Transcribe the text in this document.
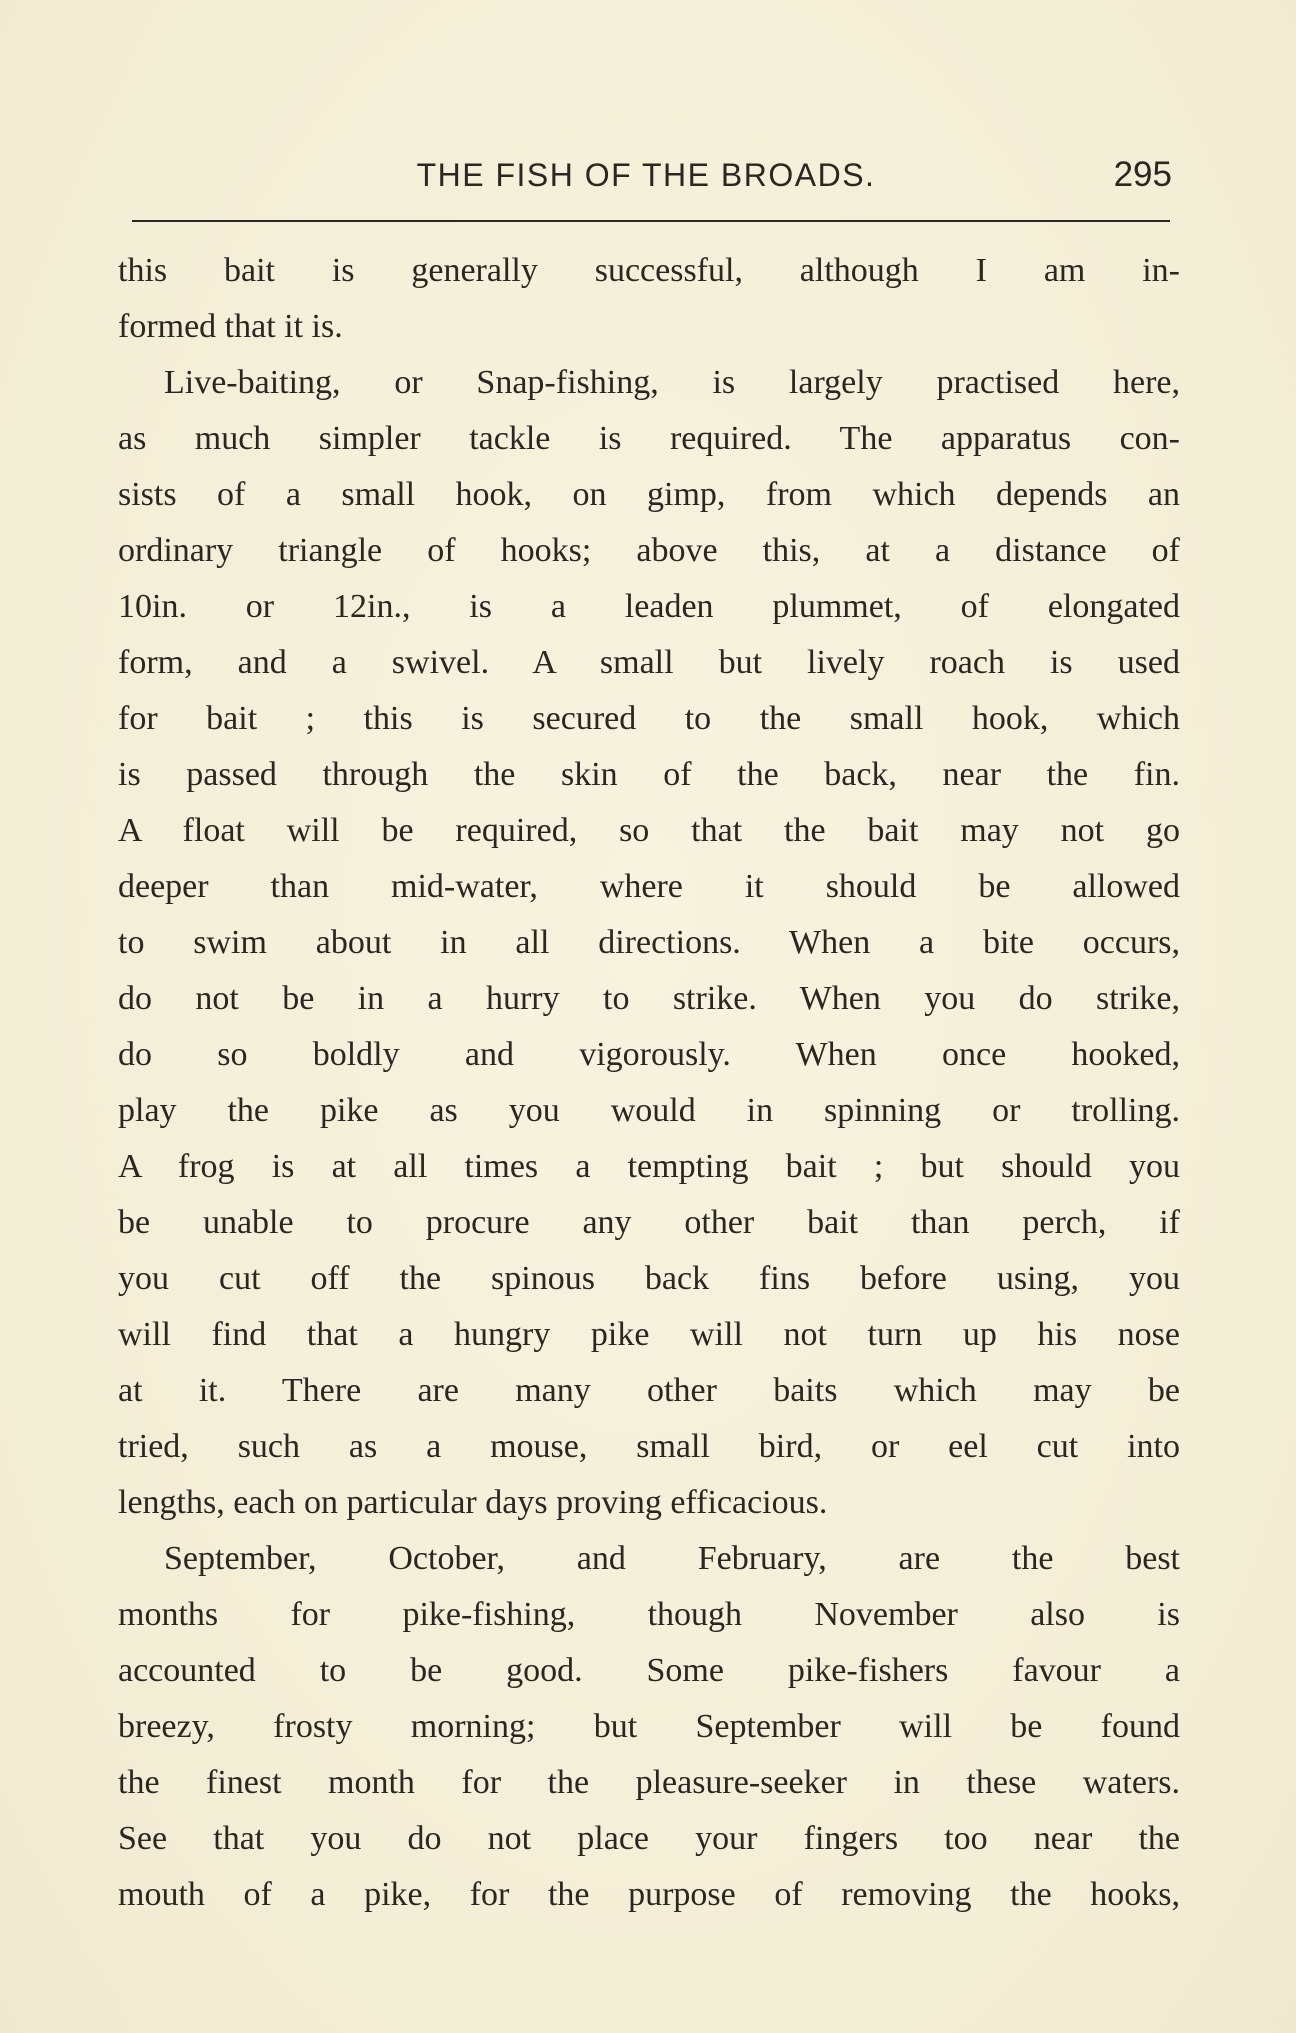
THE FISH OF THE BROADS.	295
this bait is generally successful, although I am in-
formed that it is.
Live-baiting, or Snap-fishing, is largely practised here,
as much simpler tackle is required. The apparatus con-
sists of a small hook, on gimp, from which depends an
ordinary triangle of hooks; above this, at a distance of
10in. or 12in., is a leaden plummet, of elongated
form, and a swivel. A small but lively roach is used
for bait ; this is secured to the small hook, which
is passed through the skin of the back, near the fin.
A float will be required, so that the bait may not go
deeper than mid-water, where it should be allowed
to swim about in all directions. When a bite occurs,
do not be in a hurry to strike. When you do strike,
do so boldly and vigorously. When once hooked,
play the pike as you would in spinning or trolling.
A frog is at all times a tempting bait ; but should you
be unable to procure any other bait than perch, if
you cut off the spinous back fins before using, you
will find that a hungry pike will not turn up his nose
at it. There are many other baits which may be
tried, such as a mouse, small bird, or eel cut into
lengths, each on particular days proving efficacious.
September, October, and February, are the best
months for pike-fishing, though November also is
accounted to be good. Some pike-fishers favour a
breezy, frosty morning; but September will be found
the finest month for the pleasure-seeker in these waters.
See that you do not place your fingers too near the
mouth of a pike, for the purpose of removing the hooks,
